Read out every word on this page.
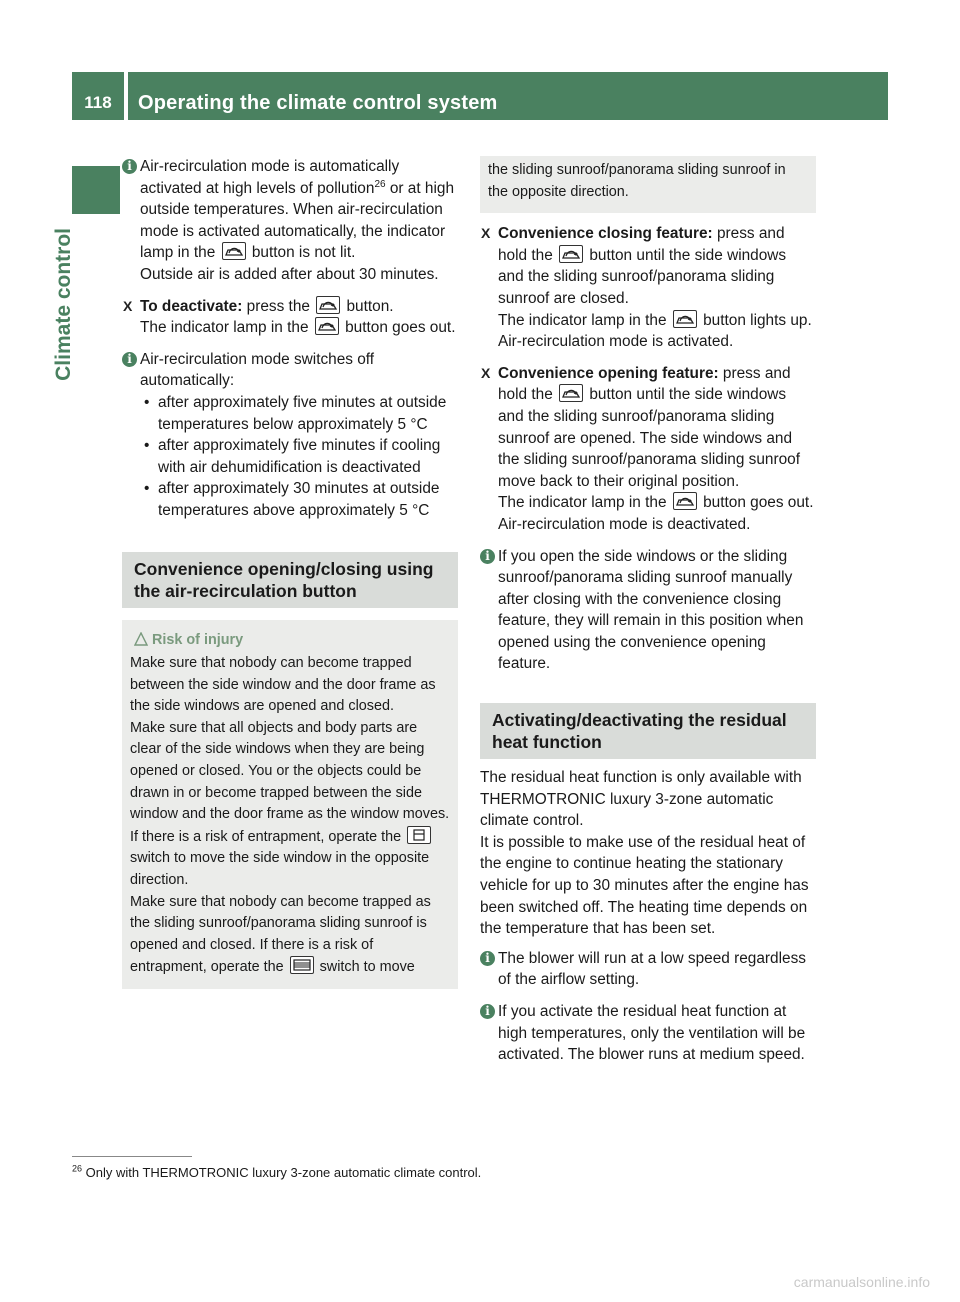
118	Operating the climate control system
Climate control
i Air-recirculation mode is automatically activated at high levels of pollution$^{26}$ or at high outside temperatures. When air-recirculation mode is activated automatically, the indicator lamp in the button is not lit.

Outside air is added after about 30 minutes.

X To deactivate: press the
button.

The indicator lamp in the
button goes out.

i Air-recirculation mode switches off automatically:

• after approximately five minutes at outside temperatures below approximately 5 °C
• after approximately five minutes if cooling with air dehumidification is deactivated
• after approximately 30 minutes at outside temperatures above approximately 5 °C
Convenience opening/closing using the air-recirculation button
Risk of injury

Make sure that nobody can become trapped between the side window and the door frame as the side windows are opened and closed.

Make sure that all objects and body parts are clear of the side windows when they are being opened or closed. You or the objects could be drawn in or become trapped between the side window and the door frame as the window moves. If there is a risk of entrapment, operate the
switch to move the side window in the opposite direction.

Make sure that nobody can become trapped as the sliding sunroof/panorama sliding sunroof is opened and closed. If there is a risk of entrapment, operate the	switch to move

the sliding sunroof/panorama sliding sunroof in the opposite direction.
X Convenience closing feature: press and hold the
button until the side windows and the sliding sunroof/panorama sliding sunroof are closed.

The indicator lamp in the
button lights up. Air-recirculation mode is activated.

X Convenience opening feature: press and hold the
button until the side windows and the sliding sunroof/panorama sliding sunroof are opened. The side windows and the sliding sunroof/panorama sliding sunroof move back to their original position.

The indicator lamp in the
button goes out. Air-recirculation mode is deactivated.

i If you open the side windows or the sliding sunroof/panorama sliding sunroof manually after closing with the convenience closing feature, they will remain in this position when opened using the convenience opening feature.

Activating/deactivating the residual heat function

The residual heat function is only available with THERMOTRONIC luxury 3-zone automatic climate control.

It is possible to make use of the residual heat of the engine to continue heating the stationary vehicle for up to 30 minutes after the engine has been switched off. The heating time depends on the temperature that has been set.

i The blower will run at a low speed regardless of the airflow setting.

i If you activate the residual heat function at high temperatures, only the ventilation will be activated. The blower runs at medium speed.

$^{26}$ Only with THERMOTRONIC luxury 3-zone automatic climate control.
carmanualsonline.info
